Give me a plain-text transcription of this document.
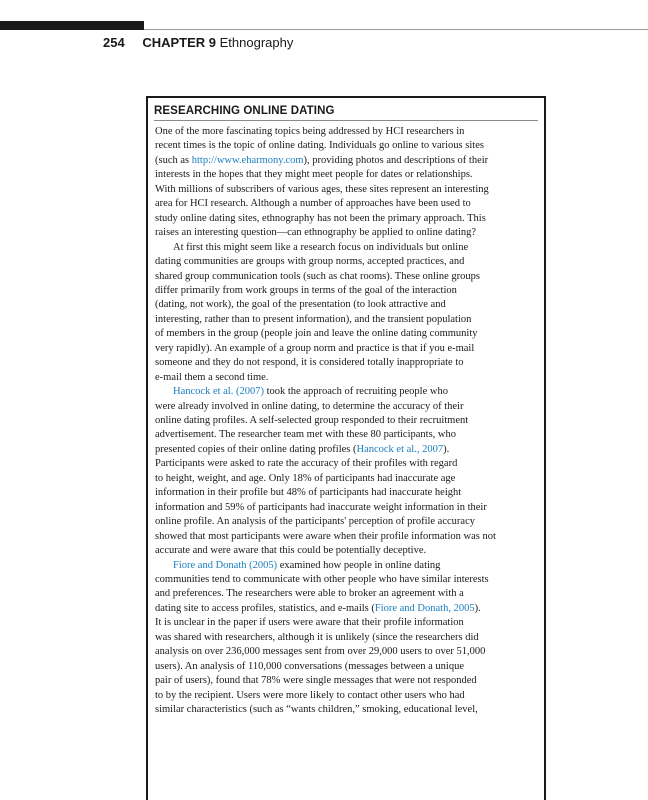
254 CHAPTER 9 Ethnography
RESEARCHING ONLINE DATING
One of the more fascinating topics being addressed by HCI researchers in
recent times is the topic of online dating. Individuals go online to various sites
(such as http://www.eharmony.com), providing photos and descriptions of their
interests in the hopes that they might meet people for dates or relationships.
With millions of subscribers of various ages, these sites represent an interesting
area for HCI research. Although a number of approaches have been used to
study online dating sites, ethnography has not been the primary approach. This
raises an interesting question—can ethnography be applied to online dating?
At first this might seem like a research focus on individuals but online
dating communities are groups with group norms, accepted practices, and
shared group communication tools (such as chat rooms). These online groups
differ primarily from work groups in terms of the goal of the interaction
(dating, not work), the goal of the presentation (to look attractive and
interesting, rather than to present information), and the transient population
of members in the group (people join and leave the online dating community
very rapidly). An example of a group norm and practice is that if you e-mail
someone and they do not respond, it is considered totally inappropriate to
e-mail them a second time.
Hancock et al. (2007) took the approach of recruiting people who
were already involved in online dating, to determine the accuracy of their
online dating profiles. A self-selected group responded to their recruitment
advertisement. The researcher team met with these 80 participants, who
presented copies of their online dating profiles (Hancock et al., 2007).
Participants were asked to rate the accuracy of their profiles with regard
to height, weight, and age. Only 18% of participants had inaccurate age
information in their profile but 48% of participants had inaccurate height
information and 59% of participants had inaccurate weight information in their
online profile. An analysis of the participants' perception of profile accuracy
showed that most participants were aware when their profile information was not
accurate and were aware that this could be potentially deceptive.
Fiore and Donath (2005) examined how people in online dating
communities tend to communicate with other people who have similar interests
and preferences. The researchers were able to broker an agreement with a
dating site to access profiles, statistics, and e-mails (Fiore and Donath, 2005).
It is unclear in the paper if users were aware that their profile information
was shared with researchers, although it is unlikely (since the researchers did
analysis on over 236,000 messages sent from over 29,000 users to over 51,000
users). An analysis of 110,000 conversations (messages between a unique
pair of users), found that 78% were single messages that were not responded
to by the recipient. Users were more likely to contact other users who had
similar characteristics (such as “wants children,” smoking, educational level,
